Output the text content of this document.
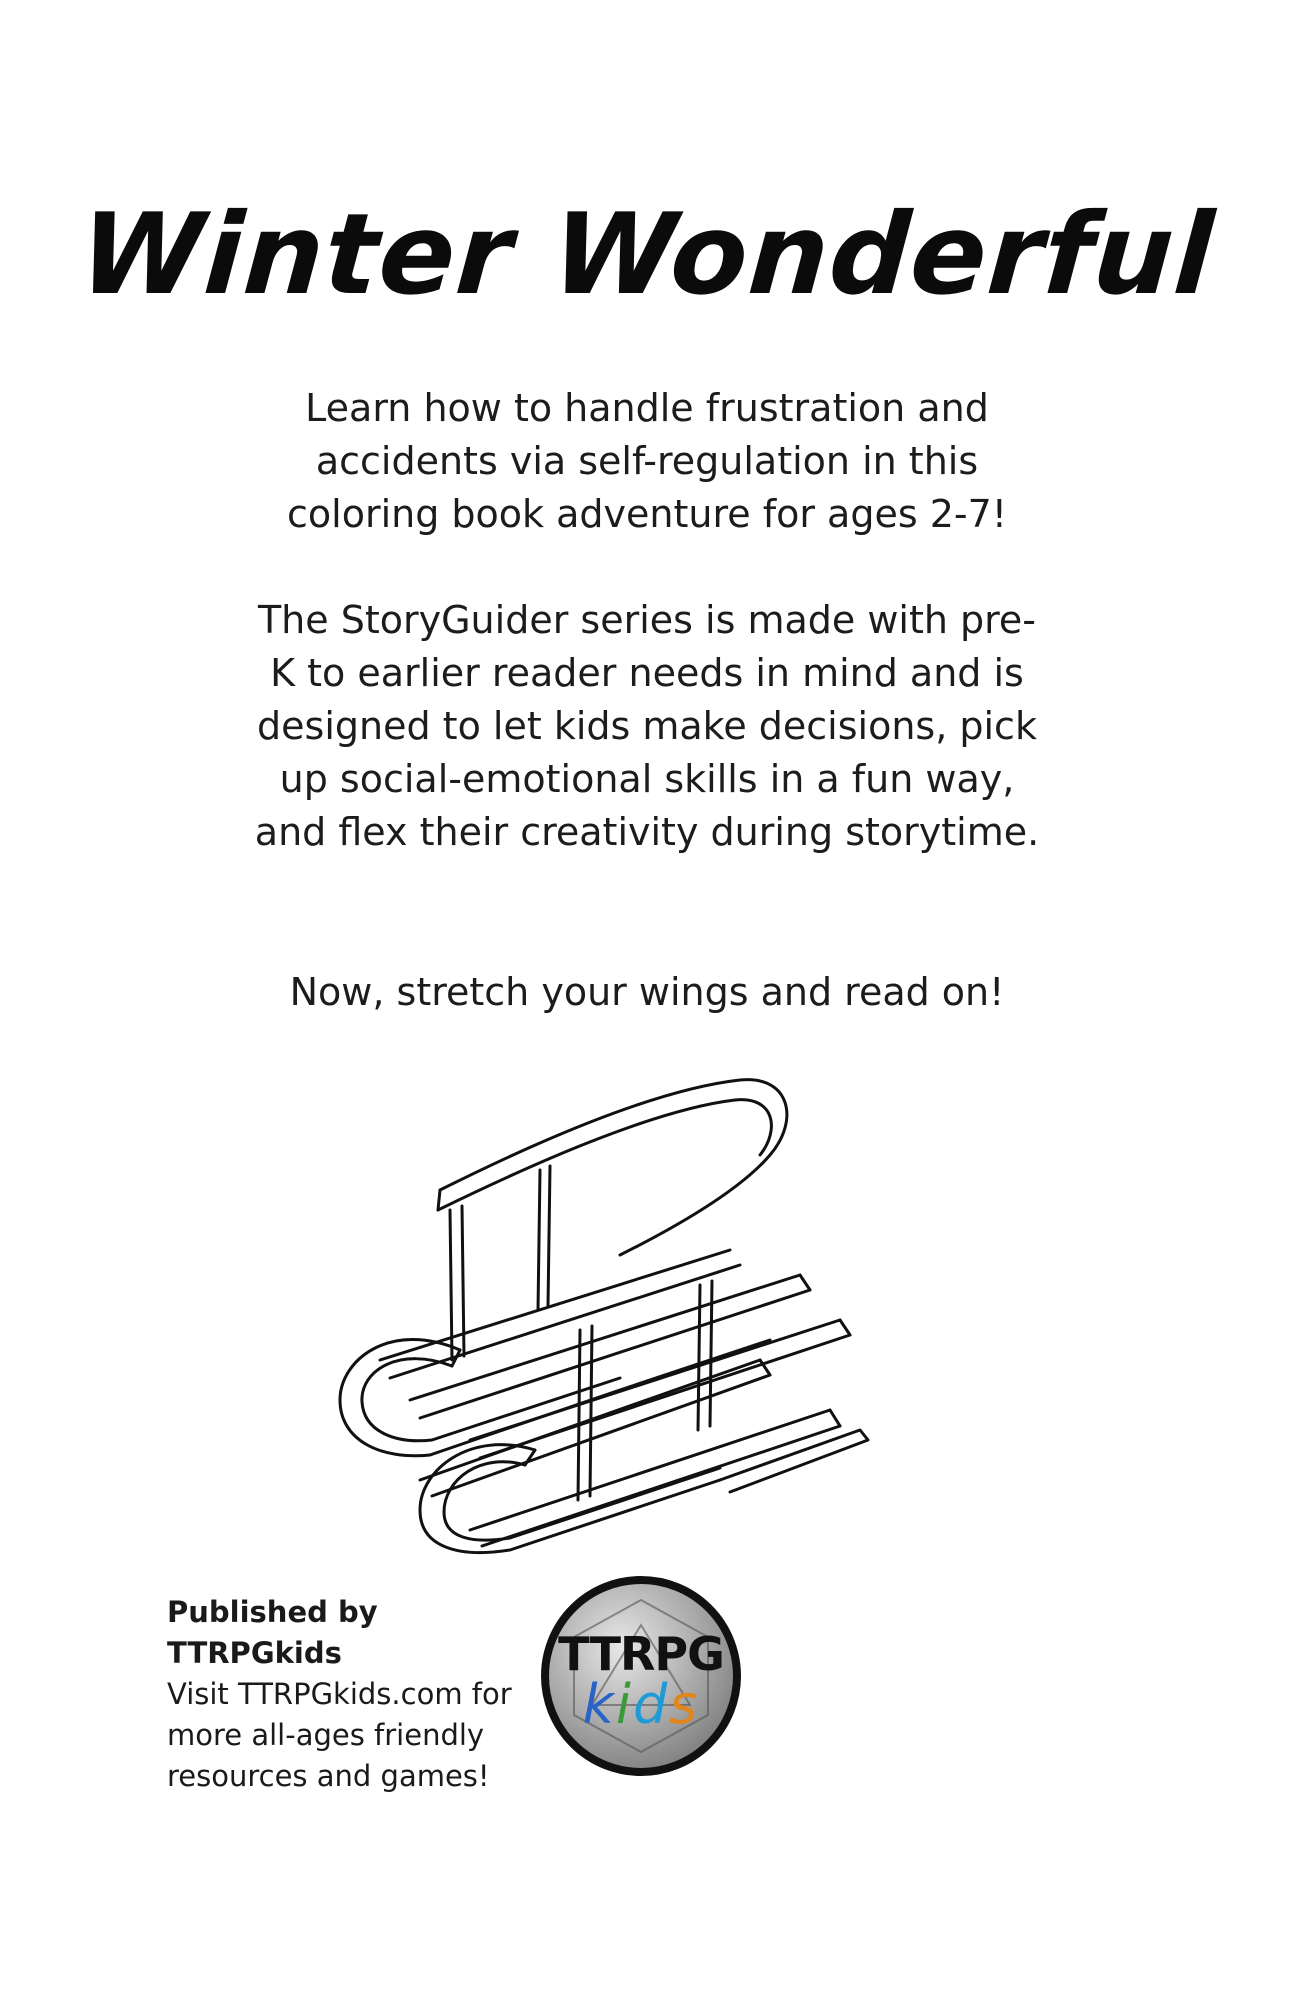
Winter Wonderful

Learn how to handle frustration and accidents via self-regulation in this coloring book adventure for ages 2-7!

The StoryGuider series is made with pre-K to earlier reader needs in mind and is designed to let kids make decisions, pick up social-emotional skills in a fun way, and flex their creativity during storytime.

Now, stretch your wings and read on!

Published by TTRPGkids
Visit TTRPGkids.com for more all-ages friendly resources and games!
TTRPG
kids
